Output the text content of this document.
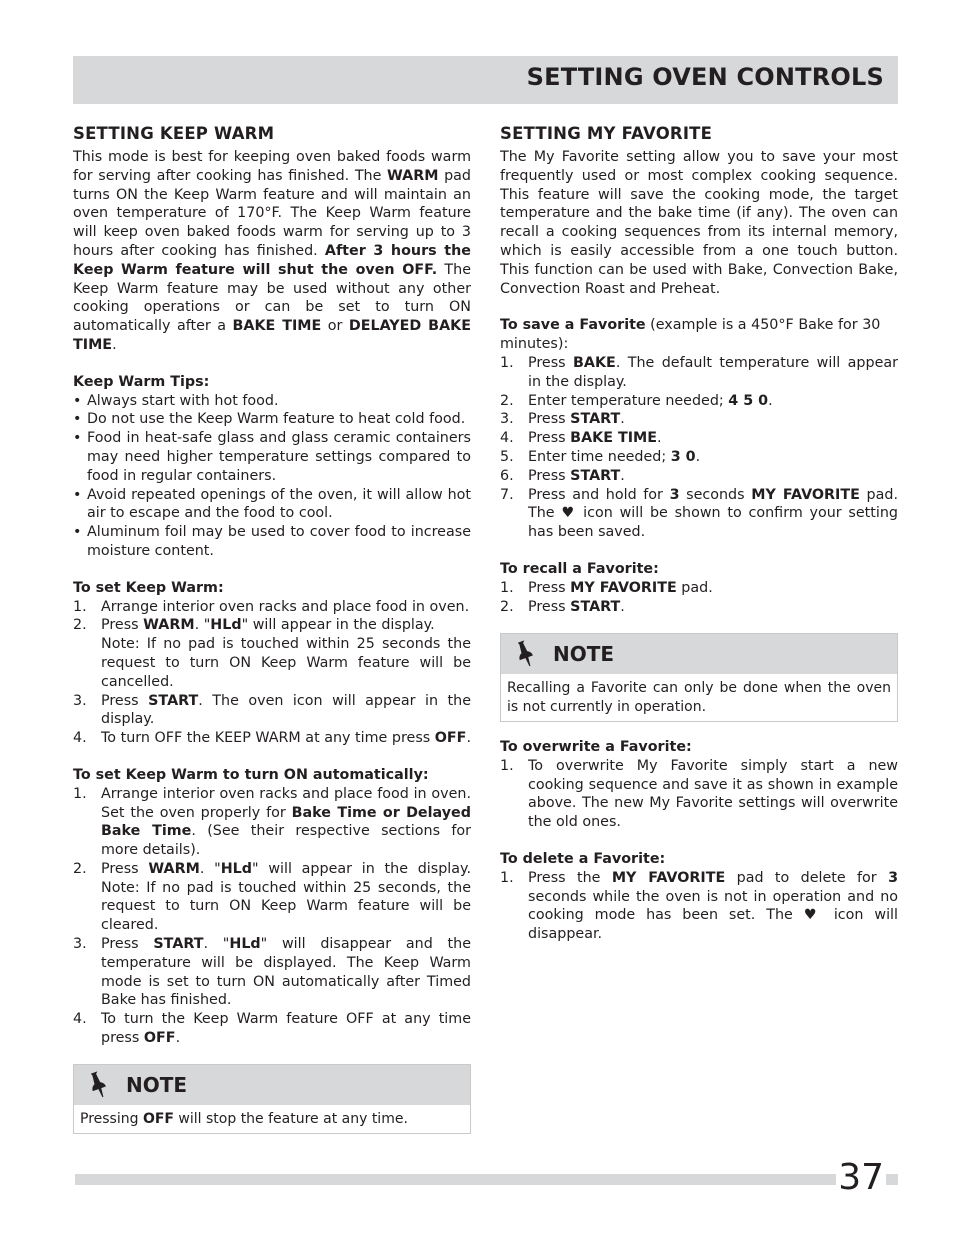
SETTING OVEN CONTROLS
SETTING KEEP WARM

This mode is best for keeping oven baked foods warm for serving after cooking has finished. The WARM pad turns ON the Keep Warm feature and will maintain an oven temperature of 170°F. The Keep Warm feature will keep oven baked foods warm for serving up to 3 hours after cooking has finished. After 3 hours the Keep Warm feature will shut the oven OFF. The Keep Warm feature may be used without any other cooking operations or can be set to turn ON automatically after a BAKE TIME or DELAYED BAKE TIME.

Keep Warm Tips:
• Always start with hot food.
• Do not use the Keep Warm feature to heat cold food.
• Food in heat-safe glass and glass ceramic containers may need higher temperature settings compared to food in regular containers.
• Avoid repeated openings of the oven, it will allow hot air to escape and the food to cool.
• Aluminum foil may be used to cover food to increase moisture content.
To set Keep Warm:
1. Arrange interior oven racks and place food in oven.
2. Press WARM. "HLd" will appear in the display.
Note: If no pad is touched within 25 seconds the request to turn ON Keep Warm feature will be cancelled.
3. Press START. The oven icon will appear in the display.
4. To turn OFF the KEEP WARM at any time press OFF.
To set Keep Warm to turn ON automatically:
1. Arrange interior oven racks and place food in oven. Set the oven properly for Bake Time or Delayed Bake Time. (See their respective sections for more details).
2. Press WARM. "HLd" will appear in the display. Note: If no pad is touched within 25 seconds, the request to turn ON Keep Warm feature will be cleared.
3. Press START. "HLd" will disappear and the temperature will be displayed. The Keep Warm mode is set to turn ON automatically after Timed Bake has finished.
4. To turn the Keep Warm feature OFF at any time press OFF.
NOTE
Pressing OFF will stop the feature at any time.
SETTING MY FAVORITE

The My Favorite setting allow you to save your most frequently used or most complex cooking sequence. This feature will save the cooking mode, the target temperature and the bake time (if any). The oven can recall a cooking sequences from its internal memory, which is easily accessible from a one touch button. This function can be used with Bake, Convection Bake, Convection Roast and Preheat.

To save a Favorite (example is a 450°F Bake for 30 minutes):

1. Press BAKE. The default temperature will appear in the display.
2. Enter temperature needed; 4 5 0.
3. Press START.
4. Press BAKE TIME.
5. Enter time needed; 3 0.
6. Press START.
7. Press and hold for 3 seconds MY FAVORITE pad. The ♥ icon will be shown to confirm your setting has been saved.
To recall a Favorite:
1. Press MY FAVORITE pad.
2. Press START.
NOTE
Recalling a Favorite can only be done when the oven is not currently in operation.
To overwrite a Favorite:
1. To overwrite My Favorite simply start a new cooking sequence and save it as shown in example above. The new My Favorite settings will overwrite the old ones.
To delete a Favorite:
1. Press the MY FAVORITE pad to delete for 3 seconds while the oven is not in operation and no cooking mode has been set. The ♥ icon will disappear.
37
